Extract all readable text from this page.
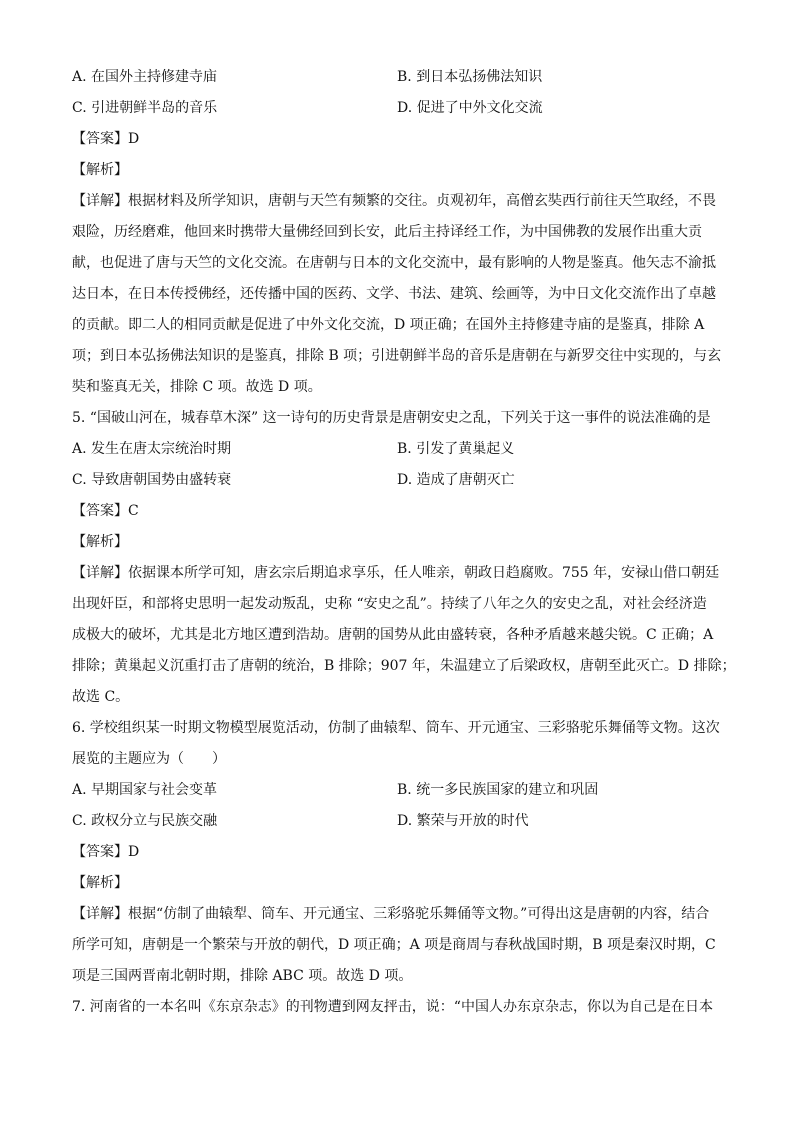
A. 在国外主持修建寺庙	B. 到日本弘扬佛法知识
C. 引进朝鲜半岛的音乐	D. 促进了中外文化交流
【答案】D
【解析】
【详解】根据材料及所学知识，唐朝与天竺有频繁的交往。贞观初年，高僧玄奘西行前往天竺取经，不畏
艰险，历经磨难，他回来时携带大量佛经回到长安，此后主持译经工作，为中国佛教的发展作出重大贡
献，也促进了唐与天竺的文化交流。在唐朝与日本的文化交流中，最有影响的人物是鉴真。他矢志不渝抵
达日本，在日本传授佛经，还传播中国的医药、文学、书法、建筑、绘画等，为中日文化交流作出了卓越
的贡献。即二人的相同贡献是促进了中外文化交流，D 项正确；在国外主持修建寺庙的是鉴真，排除 A
项；到日本弘扬佛法知识的是鉴真，排除 B 项；引进朝鲜半岛的音乐是唐朝在与新罗交往中实现的，与玄
奘和鉴真无关，排除 C 项。故选 D 项。
5. “国破山河在，城春草木深” 这一诗句的历史背景是唐朝安史之乱，下列关于这一事件的说法准确的是
A. 发生在唐太宗统治时期	B. 引发了黄巢起义
C. 导致唐朝国势由盛转衰	D. 造成了唐朝灭亡
【答案】C
【解析】
【详解】依据课本所学可知，唐玄宗后期追求享乐，任人唯亲，朝政日趋腐败。755 年，安禄山借口朝廷
出现奸臣，和部将史思明一起发动叛乱，史称 “安史之乱”。持续了八年之久的安史之乱，对社会经济造
成极大的破坏，尤其是北方地区遭到浩劫。唐朝的国势从此由盛转衰，各种矛盾越来越尖锐。C 正确；A
排除；黄巢起义沉重打击了唐朝的统治，B 排除；907 年，朱温建立了后梁政权，唐朝至此灭亡。D 排除；
故选 C。
6. 学校组织某一时期文物模型展览活动，仿制了曲辕犁、筒车、开元通宝、三彩骆驼乐舞俑等文物。这次
展览的主题应为（　　）
A. 早期国家与社会变革	B. 统一多民族国家的建立和巩固
C. 政权分立与民族交融	D. 繁荣与开放的时代
【答案】D
【解析】
【详解】根据“仿制了曲辕犁、筒车、开元通宝、三彩骆驼乐舞俑等文物。”可得出这是唐朝的内容，结合
所学可知，唐朝是一个繁荣与开放的朝代，D 项正确；A 项是商周与春秋战国时期，B 项是秦汉时期，C
项是三国两晋南北朝时期，排除 ABC 项。故选 D 项。
7. 河南省的一本名叫《东京杂志》的刊物遭到网友抨击，说：“中国人办东京杂志，你以为自己是在日本
